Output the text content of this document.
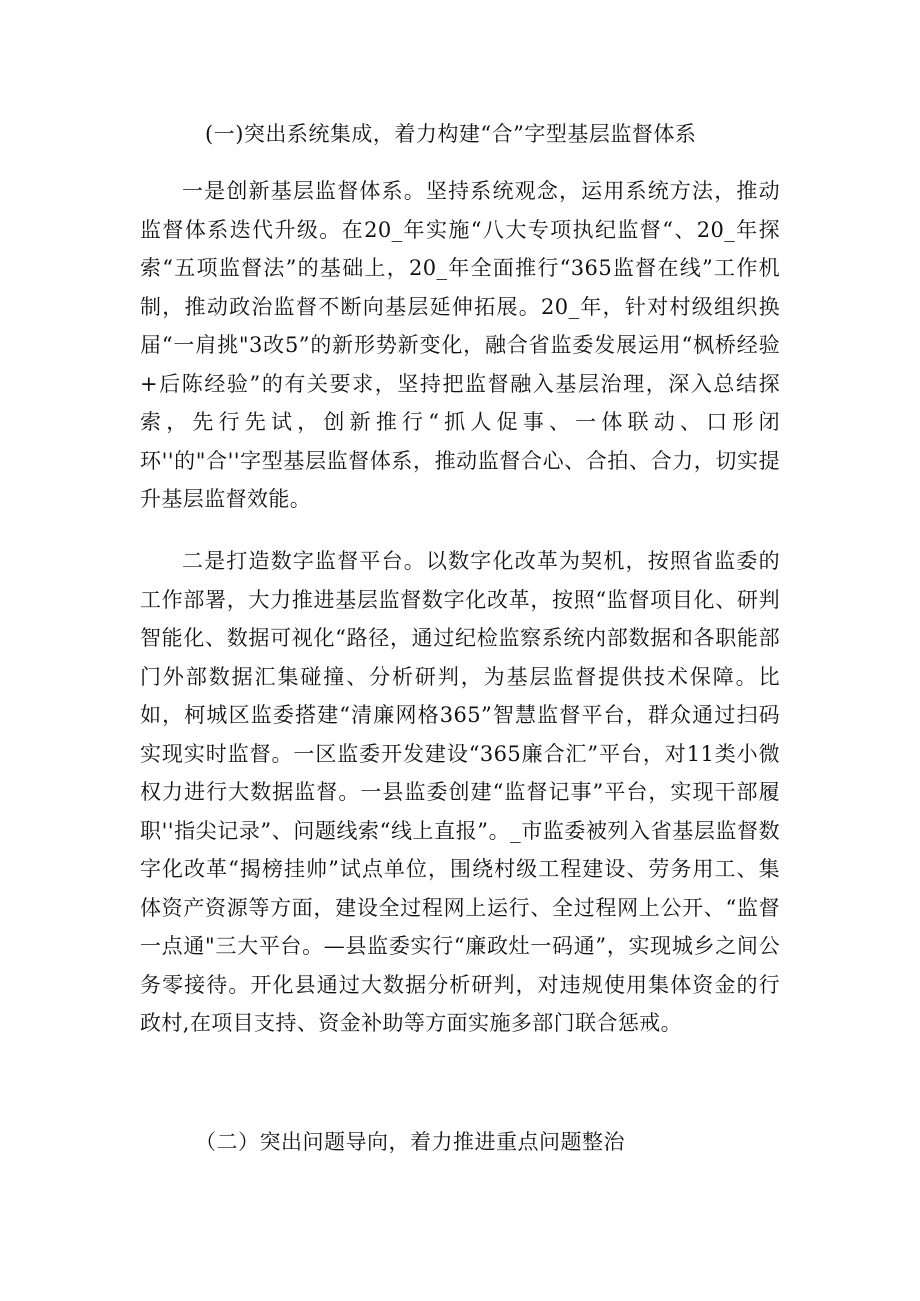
(一)突出系统集成，着力构建“合”字型基层监督体系

一是创新基层监督体系。坚持系统观念，运用系统方法，推动监督体系迭代升级。在20_年实施“八大专项执纪监督“、20_年探索“五项监督法”的基础上，20_年全面推行“365监督在线”工作机制，推动政治监督不断向基层延伸拓展。20_年，针对村级组织换届“一肩挑"3改5”的新形势新变化，融合省监委发展运用“枫桥经验+后陈经验”的有关要求，坚持把监督融入基层治理，深入总结探索，先行先试，创新推行“抓人促事、一体联动、口形闭环''的"合''字型基层监督体系，推动监督合心、合拍、合力，切实提升基层监督效能。

二是打造数字监督平台。以数字化改革为契机，按照省监委的工作部署，大力推进基层监督数字化改革，按照“监督项目化、研判智能化、数据可视化“路径，通过纪检监察系统内部数据和各职能部门外部数据汇集碰撞、分析研判，为基层监督提供技术保障。比如，柯城区监委搭建“清廉网格365”智慧监督平台，群众通过扫码实现实时监督。一区监委开发建设“365廉合汇”平台，对11类小微权力进行大数据监督。一县监委创建“监督记事”平台，实现干部履职''指尖记录”、问题线索“线上直报”。_市监委被列入省基层监督数字化改革“揭榜挂帅”试点单位，围绕村级工程建设、劳务用工、集体资产资源等方面，建设全过程网上运行、全过程网上公开、“监督一点通"三大平台。—县监委实行“廉政灶一码通”，实现城乡之间公务零接待。开化县通过大数据分析研判，对违规使用集体资金的行政村,在项目支持、资金补助等方面实施多部门联合惩戒。

（二）突出问题导向，着力推进重点问题整治
